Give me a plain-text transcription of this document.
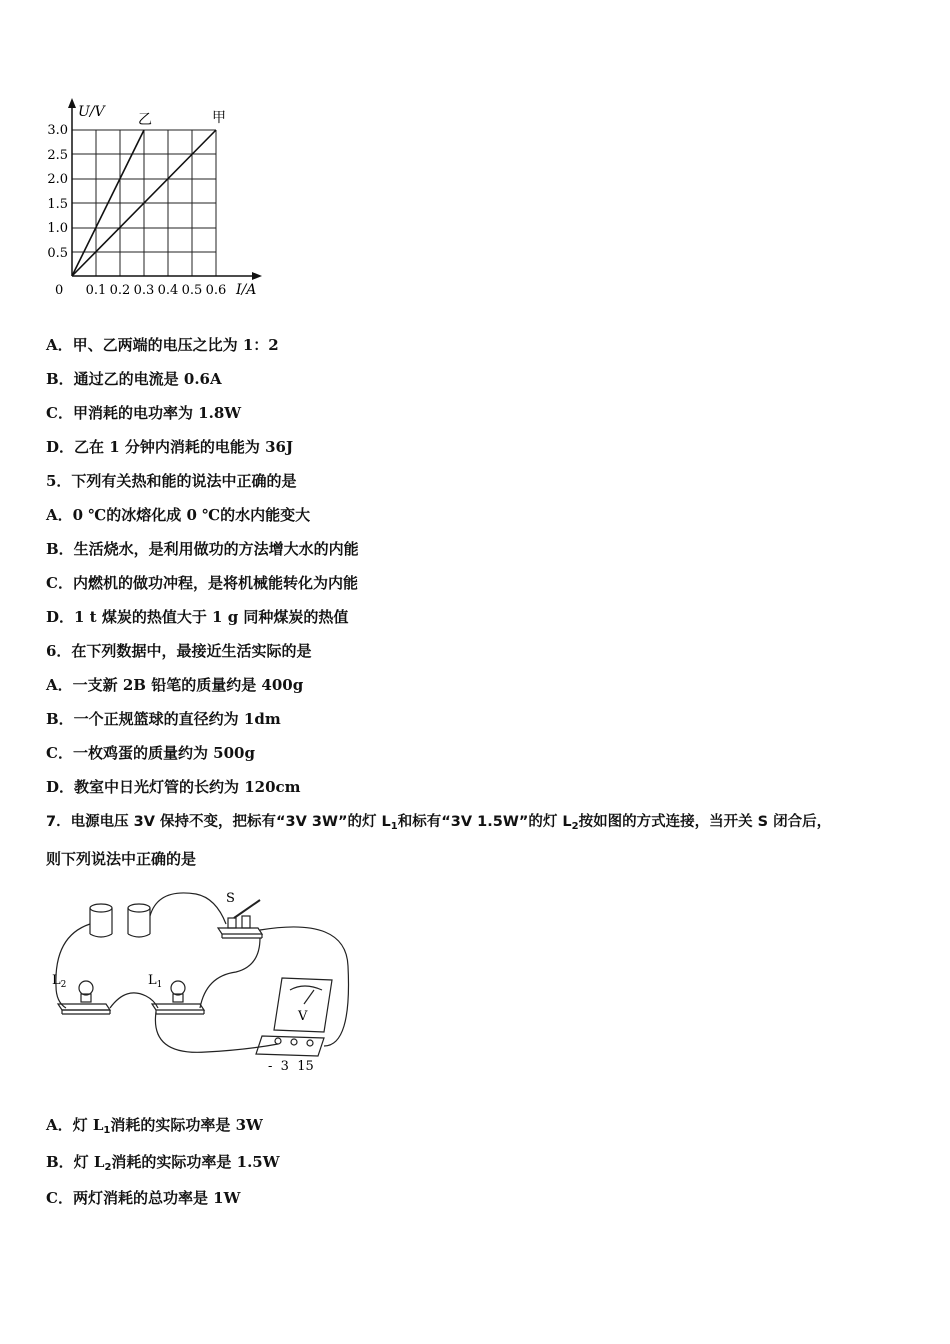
U/V 乙	甲
3.0
2.5
2.0
1.5
1.0
0.5
0 0.1 0.2 0.3 0.4 0.5 0.6 I/A
A．甲、乙两端的电压之比为 1：2
B．通过乙的电流是 0.6A
C．甲消耗的电功率为 1.8W
D．乙在 1 分钟内消耗的电能为 36J
5．下列有关热和能的说法中正确的是
A．0 ℃的冰熔化成 0 ℃的水内能变大
B．生活烧水，是利用做功的方法增大水的内能
C．内燃机的做功冲程，是将机械能转化为内能
D．1 t 煤炭的热值大于 1 g 同种煤炭的热值
6．在下列数据中，最接近生活实际的是
A．一支新 2B 铅笔的质量约是 400g
B．一个正规篮球的直径约为 1dm
C．一枚鸡蛋的质量约为 500g
D．教室中日光灯管的长约为 120cm
7．电源电压 3V 保持不变，把标有“3V 3W”的灯 $L_1$和标有“3V 1.5W”的灯 $L_2$按如图的方式连接，当开关 S 闭合后，
则下列说法中正确的是
S
$L_2$	$L_1$
V
-  3  15
A．灯 $L_1$消耗的实际功率是 3W
B．灯 $L_2$消耗的实际功率是 1.5W
C．两灯消耗的总功率是 1W
